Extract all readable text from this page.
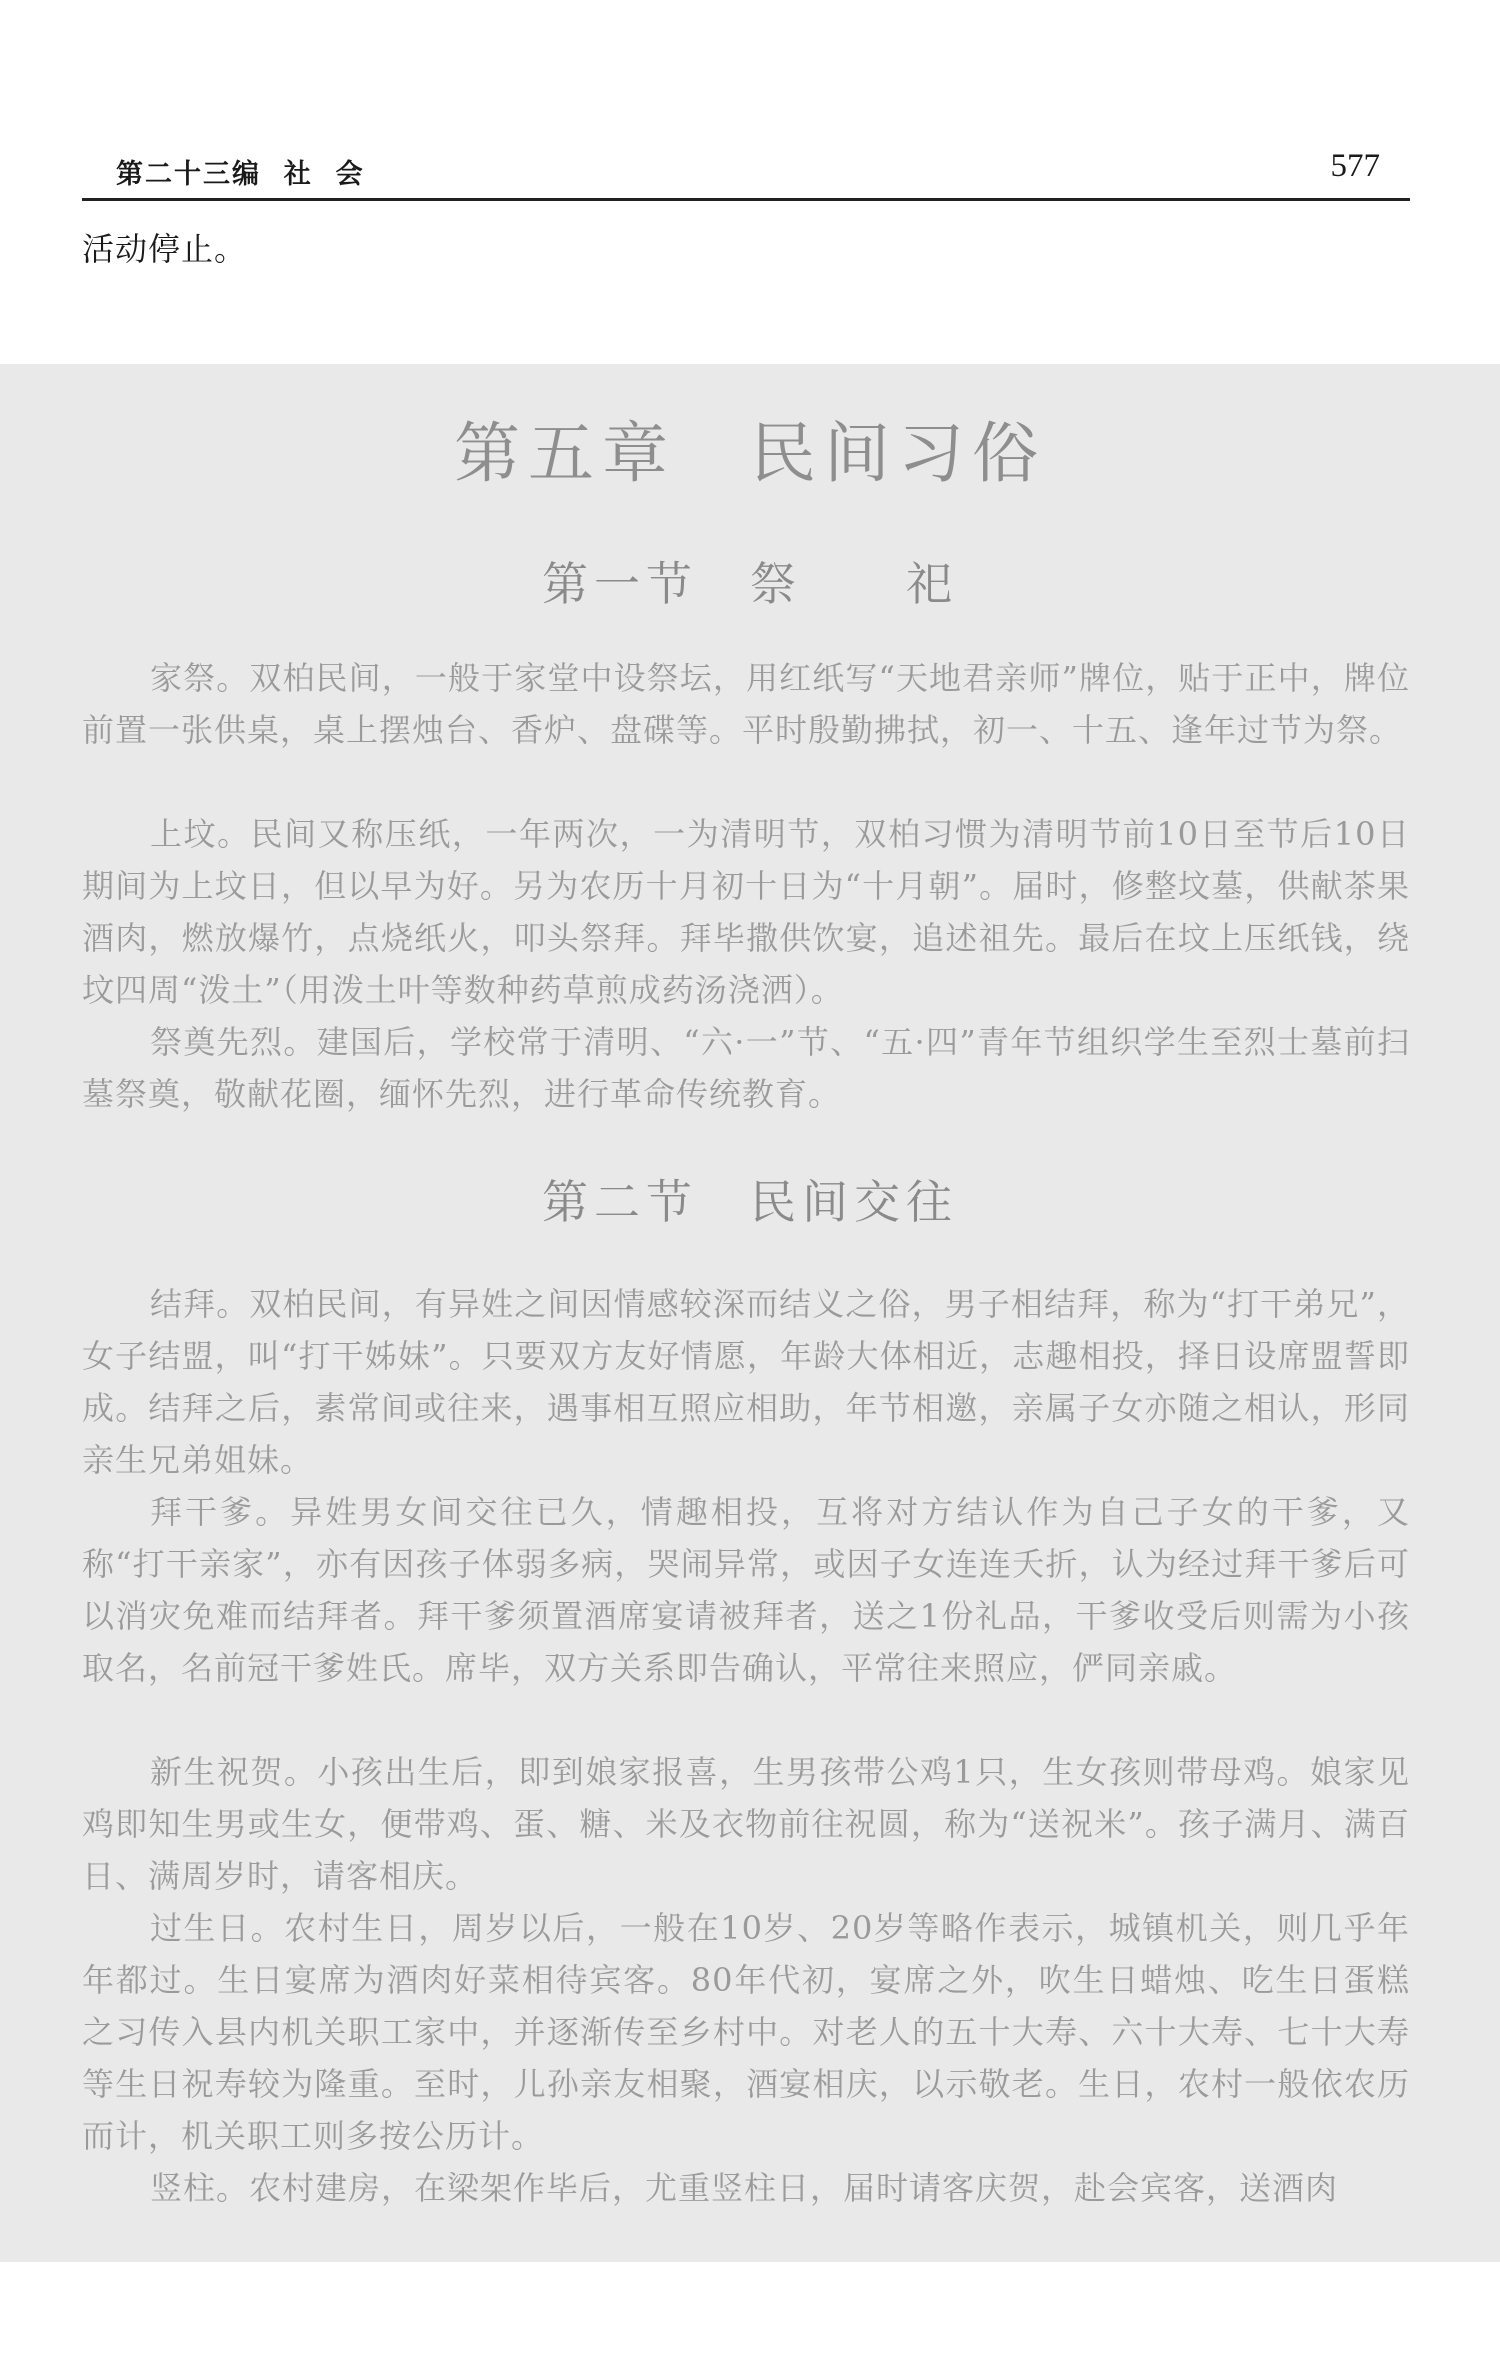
第二十三编  社  会	577
活动停止。
第五章　民间习俗
第一节　祭　　祀

家祭。双柏民间，一般于家堂中设祭坛，用红纸写“天地君亲师”牌位，贴于正中，牌位前置一张供桌，桌上摆烛台、香炉、盘碟等。平时殷勤拂拭，初一、十五、逢年过节为祭。

上坟。民间又称压纸，一年两次，一为清明节，双柏习惯为清明节前10日至节后10日期间为上坟日，但以早为好。另为农历十月初十日为“十月朝”。届时，修整坟墓，供献茶果酒肉，燃放爆竹，点烧纸火，叩头祭拜。拜毕撒供饮宴，追述祖先。最后在坟上压纸钱，绕坟四周“泼土”（用泼土叶等数种药草煎成药汤浇洒）。

祭奠先烈。建国后，学校常于清明、“六·一”节、“五·四”青年节组织学生至烈士墓前扫墓祭奠，敬献花圈，缅怀先烈，进行革命传统教育。

第二节　民间交往

结拜。双柏民间，有异姓之间因情感较深而结义之俗，男子相结拜，称为“打干弟兄”，女子结盟，叫“打干姊妹”。只要双方友好情愿，年龄大体相近，志趣相投，择日设席盟誓即成。结拜之后，素常间或往来，遇事相互照应相助，年节相邀，亲属子女亦随之相认，形同亲生兄弟姐妹。

拜干爹。异姓男女间交往已久，情趣相投，互将对方结认作为自己子女的干爹，又称“打干亲家”，亦有因孩子体弱多病，哭闹异常，或因子女连连夭折，认为经过拜干爹后可以消灾免难而结拜者。拜干爹须置酒席宴请被拜者，送之1份礼品，干爹收受后则需为小孩取名，名前冠干爹姓氏。席毕，双方关系即告确认，平常往来照应，俨同亲戚。

新生祝贺。小孩出生后，即到娘家报喜，生男孩带公鸡1只，生女孩则带母鸡。娘家见鸡即知生男或生女，便带鸡、蛋、糖、米及衣物前往祝圆，称为“送祝米”。孩子满月、满百日、满周岁时，请客相庆。

过生日。农村生日，周岁以后，一般在10岁、20岁等略作表示，城镇机关，则几乎年年都过。生日宴席为酒肉好菜相待宾客。80年代初，宴席之外，吹生日蜡烛、吃生日蛋糕之习传入县内机关职工家中，并逐渐传至乡村中。对老人的五十大寿、六十大寿、七十大寿等生日祝寿较为隆重。至时，儿孙亲友相聚，酒宴相庆，以示敬老。生日，农村一般依农历而计，机关职工则多按公历计。

竖柱。农村建房，在梁架作毕后，尤重竖柱日，届时请客庆贺，赴会宾客，送酒肉
